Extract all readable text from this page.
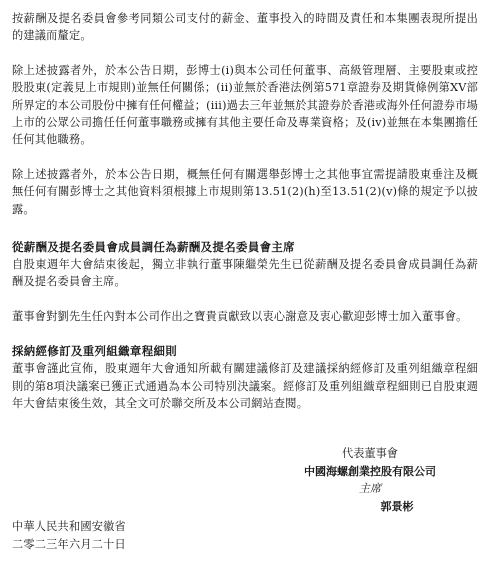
按薪酬及提名委員會參考同類公司支付的薪金、董事投入的時間及責任和本集團表現所提出的建議而釐定。

除上述披露者外，於本公告日期，彭博士(i)與本公司任何董事、高級管理層、主要股東或控股股東(定義見上市規則)並無任何關係；(ii)並無於香港法例第571章證券及期貨條例第XV部所界定的本公司股份中擁有任何權益；(iii)過去三年並無於其證券於香港或海外任何證券市場上市的公眾公司擔任任何董事職務或擁有其他主要任命及專業資格；及(iv)並無在本集團擔任任何其他職務。

除上述披露者外，於本公告日期，概無任何有關選舉彭博士之其他事宜需提請股東垂注及概無任何有關彭博士之其他資料須根據上市規則第13.51(2)(h)至13.51(2)(v)條的規定予以披露。

從薪酬及提名委員會成員調任為薪酬及提名委員會主席

自股東週年大會結束後起，獨立非執行董事陳繼榮先生已從薪酬及提名委員會成員調任為薪酬及提名委員會主席。

董事會對劉先生任內對本公司作出之寶貴貢獻致以衷心謝意及衷心歡迎彭博士加入董事會。

採納經修訂及重列組織章程細則

董事會謹此宣佈，股東週年大會通知所載有關建議修訂及建議採納經修訂及重列組織章程細則的第8項決議案已獲正式通過為本公司特別決議案。經修訂及重列組織章程細則已自股東週年大會結束後生效，其全文可於聯交所及本公司網站查閱。

代表董事會
中國海螺創業控股有限公司
主席
郭景彬
中華人民共和國安徽省
二零二三年六月二十日
